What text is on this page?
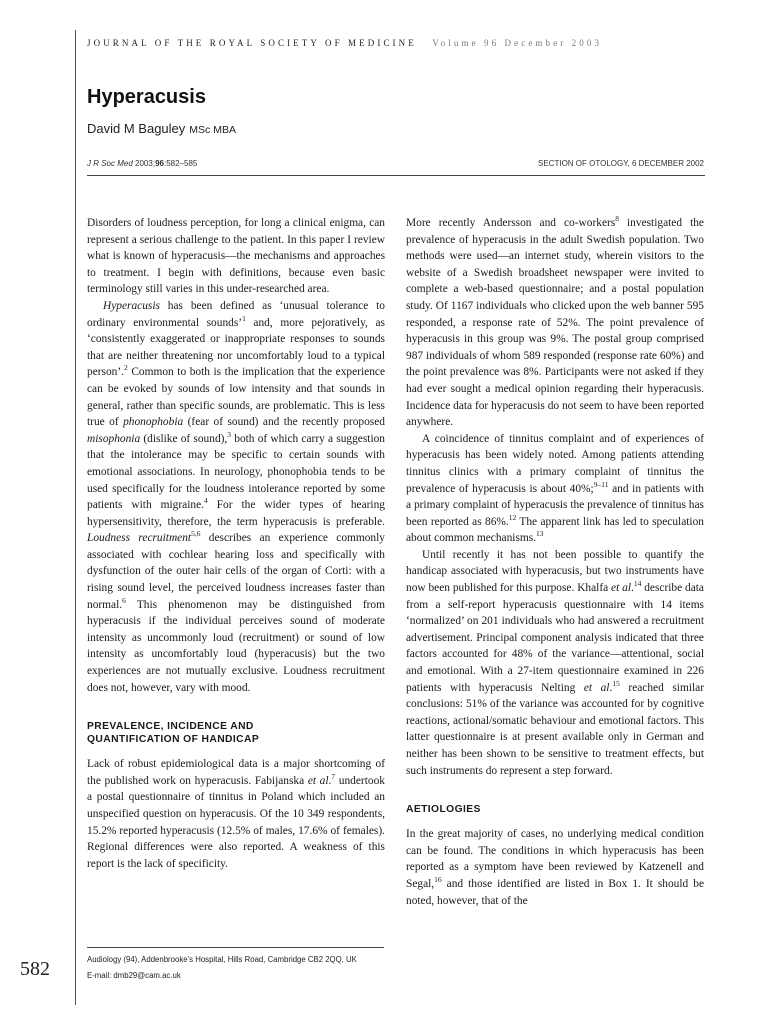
JOURNAL OF THE ROYAL SOCIETY OF MEDICINE Volume 96 December 2003
Hyperacusis
David M Baguley MSc MBA
J R Soc Med 2003;96:582–585	SECTION OF OTOLOGY, 6 DECEMBER 2002

Disorders of loudness perception, for long a clinical enigma, can represent a serious challenge to the patient. In this paper I review what is known of hyperacusis—the mechanisms and approaches to treatment. I begin with definitions, because even basic terminology still varies in this under-researched area.

Hyperacusis has been defined as ‘unusual tolerance to ordinary environmental sounds’$^1$ and, more pejoratively, as ‘consistently exaggerated or inappropriate responses to sounds that are neither threatening nor uncomfortably loud to a typical person’.$^2$ Common to both is the implication that the experience can be evoked by sounds of low intensity and that sounds in general, rather than specific sounds, are problematic. This is less true of phonophobia (fear of sound) and the recently proposed misophonia (dislike of sound),$^3$ both of which carry a suggestion that the intolerance may be specific to certain sounds with emotional associations. In neurology, phonophobia tends to be used specifically for the loudness intolerance reported by some patients with migraine.$^4$ For the wider types of hearing hypersensitivity, therefore, the term hyperacusis is preferable. Loudness recruitment$^{5,6}$ describes an experience commonly associated with cochlear hearing loss and specifically with dysfunction of the outer hair cells of the organ of Corti: with a rising sound level, the perceived loudness increases faster than normal.$^6$ This phenomenon may be distinguished from hyperacusis if the individual perceives sound of moderate intensity as uncommonly loud (recruitment) or sound of low intensity as uncomfortably loud (hyperacusis) but the two experiences are not mutually exclusive. Loudness recruitment does not, however, vary with mood.

PREVALENCE, INCIDENCE AND
QUANTIFICATION OF HANDICAP

Lack of robust epidemiological data is a major shortcoming of the published work on hyperacusis. Fabijanska et al.$^7$ undertook a postal questionnaire of tinnitus in Poland which included an unspecified question on hyperacusis. Of the 10 349 respondents, 15.2% reported hyperacusis (12.5% of males, 17.6% of females). Regional differences were also reported. A weakness of this report is the lack of specificity.

More recently Andersson and co-workers$^8$ investigated the prevalence of hyperacusis in the adult Swedish population. Two methods were used—an internet study, wherein visitors to the website of a Swedish broadsheet newspaper were invited to complete a web-based questionnaire; and a postal population study. Of 1167 individuals who clicked upon the web banner 595 responded, a response rate of 52%. The point prevalence of hyperacusis in this group was 9%. The postal group comprised 987 individuals of whom 589 responded (response rate 60%) and the point prevalence was 8%. Participants were not asked if they had ever sought a medical opinion regarding their hyperacusis. Incidence data for hyperacusis do not seem to have been reported anywhere.

A coincidence of tinnitus complaint and of experiences of hyperacusis has been widely noted. Among patients attending tinnitus clinics with a primary complaint of tinnitus the prevalence of hyperacusis is about 40%;$^{9-11}$ and in patients with a primary complaint of hyperacusis the prevalence of tinnitus has been reported as 86%.$^{12}$ The apparent link has led to speculation about common mechanisms.$^{13}$

Until recently it has not been possible to quantify the handicap associated with hyperacusis, but two instruments have now been published for this purpose. Khalfa et al.$^{14}$ describe data from a self-report hyperacusis questionnaire with 14 items ‘normalized’ on 201 individuals who had answered a recruitment advertisement. Principal component analysis indicated that three factors accounted for 48% of the variance—attentional, social and emotional. With a 27-item questionnaire examined in 226 patients with hyperacusis Nelting et al.$^{15}$ reached similar conclusions: 51% of the variance was accounted for by cognitive reactions, actional/somatic behaviour and emotional factors. This latter questionnaire is at present available only in German and neither has been shown to be sensitive to treatment effects, but such instruments do represent a step forward.

AETIOLOGIES

In the great majority of cases, no underlying medical condition can be found. The conditions in which hyperacusis has been reported as a symptom have been reviewed by Katzenell and Segal,$^{16}$ and those identified are listed in Box 1. It should be noted, however, that of the

Audiology (94), Addenbrooke’s Hospital, Hills Road, Cambridge CB2 2QQ, UK
E-mail: dmb29@cam.ac.uk
582
